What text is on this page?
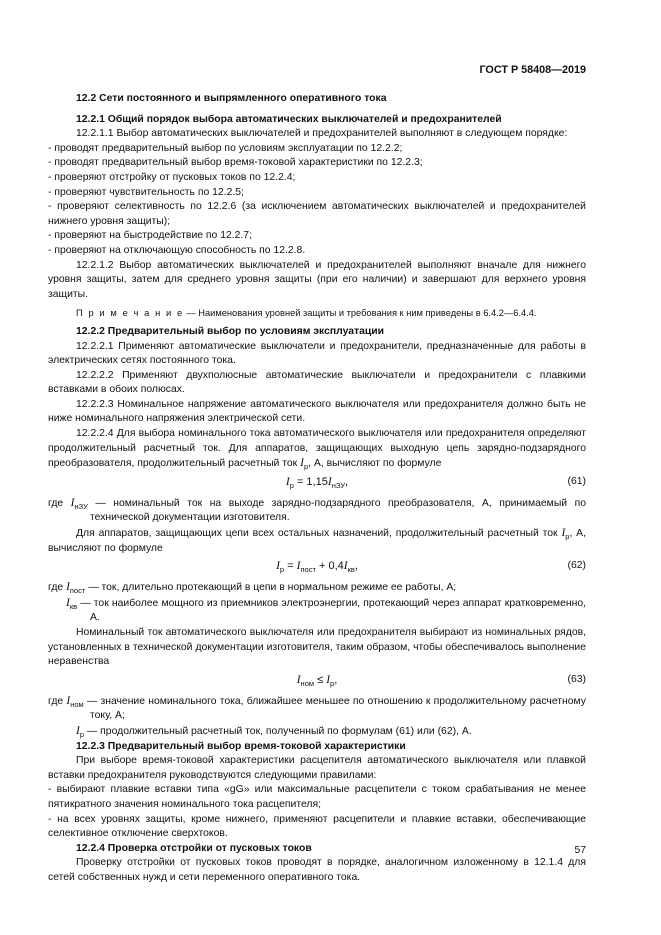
ГОСТ Р 58408—2019

12.2 Сети постоянного и выпрямленного оперативного тока

12.2.1 Общий порядок выбора автоматических выключателей и предохранителей

12.2.1.1 Выбор автоматических выключателей и предохранителей выполняют в следующем порядке:

- проводят предварительный выбор по условиям эксплуатации по 12.2.2;

- проводят предварительный выбор время-токовой характеристики по 12.2.3;

- проверяют отстройку от пусковых токов по 12.2.4;

- проверяют чувствительность по 12.2.5;

- проверяют селективность по 12.2.6 (за исключением автоматических выключателей и предохранителей нижнего уровня защиты);

- проверяют на быстродействие по 12.2.7;

- проверяют на отключающую способность по 12.2.8.

12.2.1.2 Выбор автоматических выключателей и предохранителей выполняют вначале для нижнего уровня защиты, затем для среднего уровня защиты (при его наличии) и завершают для верхнего уровня защиты.

П р и м е ч а н и е — Наименования уровней защиты и требования к ним приведены в 6.4.2—6.4.4.

12.2.2 Предварительный выбор по условиям эксплуатации

12.2.2.1 Применяют автоматические выключатели и предохранители, предназначенные для работы в электрических сетях постоянного тока.

12.2.2.2 Применяют двухполюсные автоматические выключатели и предохранители с плавкими вставками в обоих полюсах.

12.2.2.3 Номинальное напряжение автоматического выключателя или предохранителя должно быть не ниже номинального напряжения электрической сети.

12.2.2.4 Для выбора номинального тока автоматического выключателя или предохранителя определяют продолжительный расчетный ток. Для аппаратов, защищающих выходную цепь зарядно-подзарядного преобразователя, продолжительный расчетный ток $I_р$, А, вычисляют по формуле

$I_р = 1,15I_{нЗУ}$,	(61)

где $I_{нЗУ}$ — номинальный ток на выходе зарядно-подзарядного преобразователя, А, принимаемый по технической документации изготовителя.

Для аппаратов, защищающих цепи всех остальных назначений, продолжительный расчетный ток $I_р$, А, вычисляют по формуле

$I_р = I_{пост} + 0,4I_{кв}$,	(62)

где $I_{пост}$ — ток, длительно протекающий в цепи в нормальном режиме ее работы, А;

$I_{кв}$ — ток наиболее мощного из приемников электроэнергии, протекающий через аппарат кратковременно, А.

Номинальный ток автоматического выключателя или предохранителя выбирают из номинальных рядов, установленных в технической документации изготовителя, таким образом, чтобы обеспечивалось выполнение неравенства

$I_{ном} \le I_р$,	(63)

где $I_{ном}$ — значение номинального тока, ближайшее меньшее по отношению к продолжительному расчетному току, А;

$I_р$ — продолжительный расчетный ток, полученный по формулам (61) или (62), А.

12.2.3 Предварительный выбор время-токовой характеристики

При выборе время-токовой характеристики расцепителя автоматического выключателя или плавкой вставки предохранителя руководствуются следующими правилами:

- выбирают плавкие вставки типа «gG» или максимальные расцепители с током срабатывания не менее пятикратного значения номинального тока расцепителя;

- на всех уровнях защиты, кроме нижнего, применяют расцепители и плавкие вставки, обеспечивающие селективное отключение сверхтоков.

12.2.4 Проверка отстройки от пусковых токов

Проверку отстройки от пусковых токов проводят в порядке, аналогичном изложенному в 12.1.4 для сетей собственных нужд и сети переменного оперативного тока.

57
